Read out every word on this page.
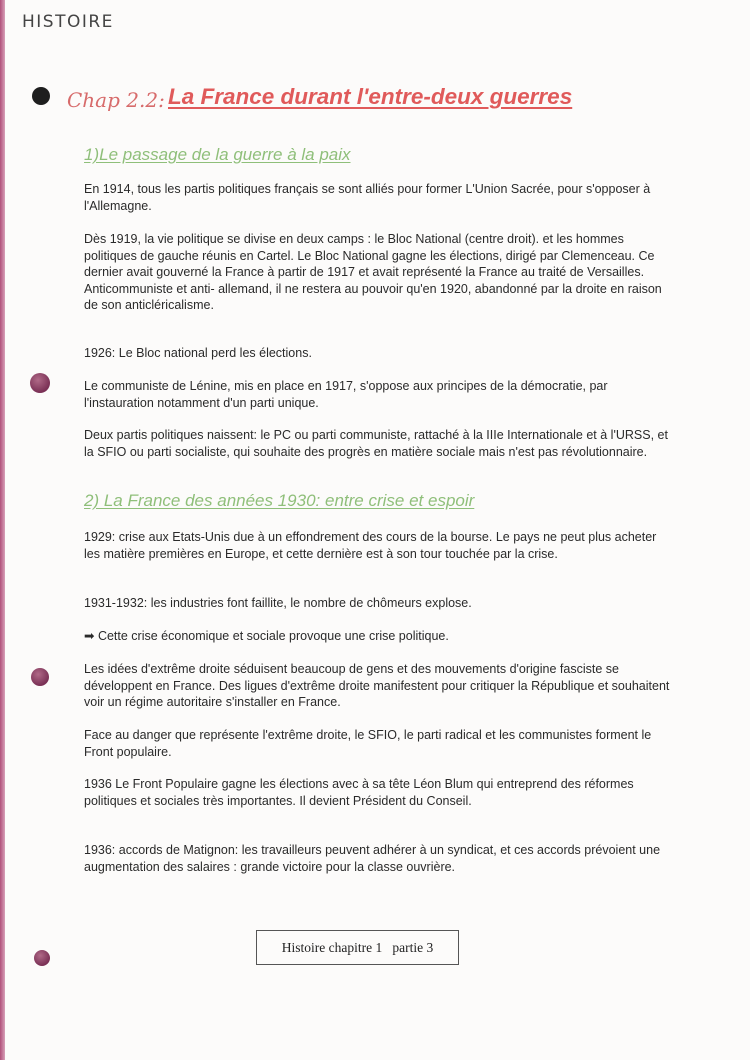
HISTOIRE
Chap 2.2: La France durant l'entre-deux guerres
1)Le passage de la guerre à la paix

En 1914, tous les partis politiques français se sont alliés pour former L'Union Sacrée, pour s'opposer à l'Allemagne.

Dès 1919, la vie politique se divise en deux camps : le Bloc National (centre droit). et les hommes politiques de gauche réunis en Cartel. Le Bloc National gagne les élections, dirigé par Clemenceau. Ce dernier avait gouverné la France à partir de 1917 et avait représenté la France au traité de Versailles. Anticommuniste et anti- allemand, il ne restera au pouvoir qu'en 1920, abandonné par la droite en raison de son anticléricalisme.

1926: Le Bloc national perd les élections.

Le communiste de Lénine, mis en place en 1917, s'oppose aux principes de la démocratie, par l'instauration notamment d'un parti unique.

Deux partis politiques naissent: le PC ou parti communiste, rattaché à la IIIe Internationale et à l'URSS, et la SFIO ou parti socialiste, qui souhaite des progrès en matière sociale mais n'est pas révolutionnaire.

2) La France des années 1930: entre crise et espoir

1929: crise aux Etats-Unis due à un effondrement des cours de la bourse. Le pays ne peut plus acheter les matière premières en Europe, et cette dernière est à son tour touchée par la crise.

1931-1932: les industries font faillite, le nombre de chômeurs explose.

➡ Cette crise économique et sociale provoque une crise politique.

Les idées d'extrême droite séduisent beaucoup de gens et des mouvements d'origine fasciste se développent en France. Des ligues d'extrême droite manifestent pour critiquer la République et souhaitent voir un régime autoritaire s'installer en France.

Face au danger que représente l'extrême droite, le SFIO, le parti radical et les communistes forment le Front populaire.

1936 Le Front Populaire gagne les élections avec à sa tête Léon Blum qui entreprend des réformes politiques et sociales très importantes. Il devient Président du Conseil.

1936: accords de Matignon: les travailleurs peuvent adhérer à un syndicat, et ces accords prévoient une augmentation des salaires : grande victoire pour la classe ouvrière.

Histoire chapitre 1   partie 3
